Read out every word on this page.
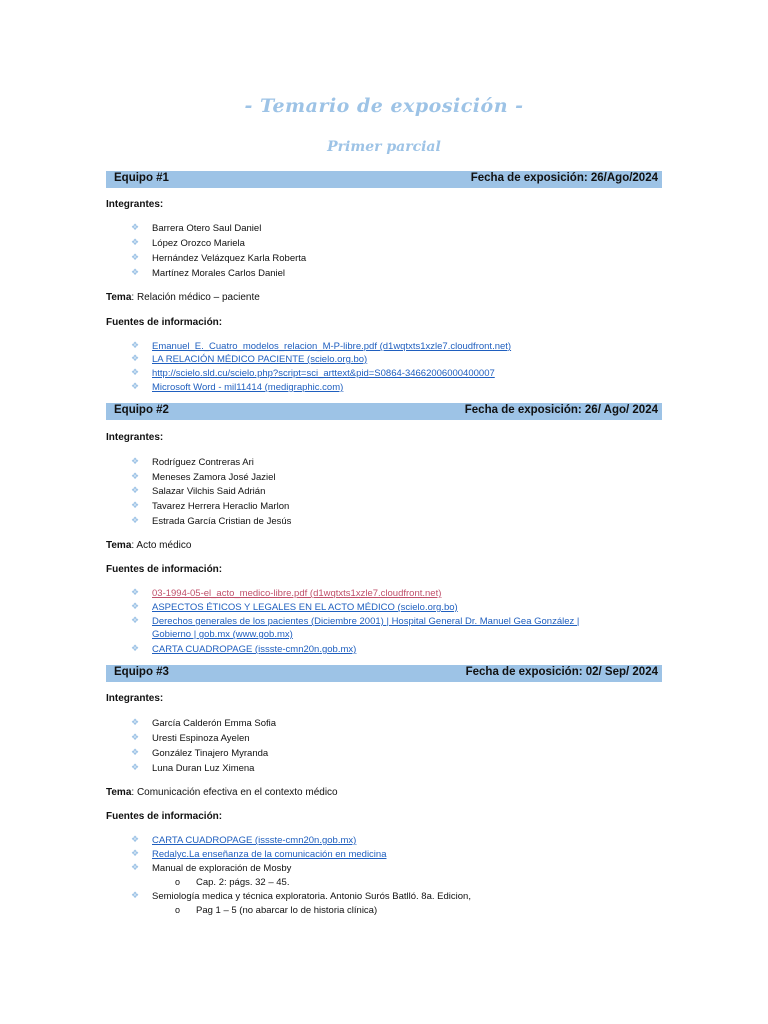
- Temario de exposición -
Primer parcial
Equipo #1	Fecha de exposición: 26/Ago/2024
Integrantes:
❖ Barrera Otero Saul Daniel
❖ López Orozco Mariela
❖ Hernández Velázquez Karla Roberta
❖ Martínez Morales Carlos Daniel
Tema: Relación médico – paciente
Fuentes de información:
❖ Emanuel_E._Cuatro_modelos_relacion_M-P-libre.pdf (d1wqtxts1xzle7.cloudfront.net)
❖ LA RELACIÓN MÉDICO PACIENTE (scielo.org.bo)
❖ http://scielo.sld.cu/scielo.php?script=sci_arttext&pid=S0864-34662006000400007
❖ Microsoft Word - mil11414 (medigraphic.com)
Equipo #2	Fecha de exposición: 26/ Ago/ 2024
Integrantes:
❖ Rodríguez Contreras Ari
❖ Meneses Zamora José Jaziel
❖ Salazar Vilchis Said Adrián
❖ Tavarez Herrera Heraclio Marlon
❖ Estrada García Cristian de Jesús
Tema: Acto médico
Fuentes de información:
❖ 03-1994-05-el_acto_medico-libre.pdf (d1wqtxts1xzle7.cloudfront.net)
❖ ASPECTOS ÉTICOS Y LEGALES EN EL ACTO MÉDICO (scielo.org.bo)
❖ Derechos generales de los pacientes (Diciembre 2001) | Hospital General Dr. Manuel Gea González |
Gobierno | gob.mx (www.gob.mx)
❖ CARTA CUADROPAGE (issste-cmn20n.gob.mx)
Equipo #3	Fecha de exposición: 02/ Sep/ 2024
Integrantes:
❖ García Calderón Emma Sofia
❖ Uresti Espinoza Ayelen
❖ González Tinajero Myranda
❖ Luna Duran Luz Ximena
Tema: Comunicación efectiva en el contexto médico
Fuentes de información:
❖ CARTA CUADROPAGE (issste-cmn20n.gob.mx)
❖ Redalyc.La enseñanza de la comunicación en medicina
❖ Manual de exploración de Mosby
o Cap. 2: págs. 32 – 45.
❖ Semiología medica y técnica exploratoria. Antonio Surós Batlló. 8a. Edicion,
o Pag 1 – 5 (no abarcar lo de historia clínica)
